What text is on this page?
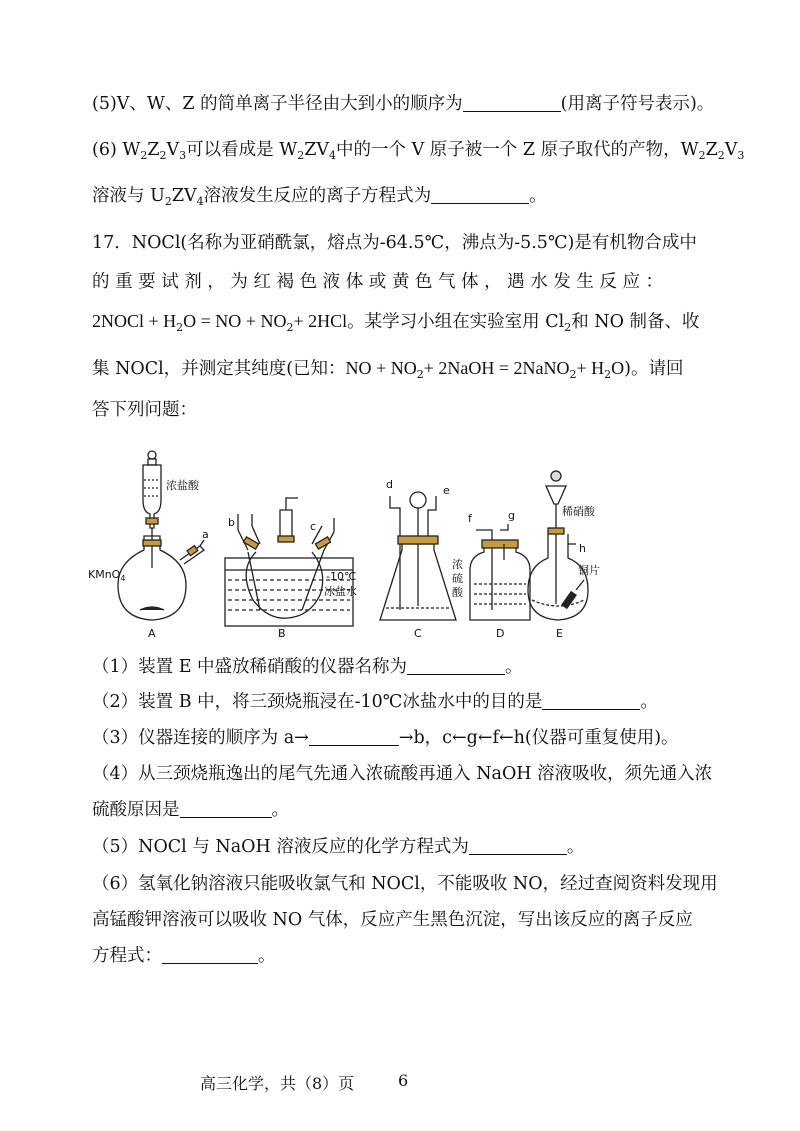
(5)V、W、Z 的简单离子半径由大到小的顺序为	(用离子符号表示)。
(6) $W_2Z_2V_3$可以看成是 $W_2ZV_4$中的一个 V 原子被一个 Z 原子取代的产物，$W_2Z_2V_3$
溶液与 $U_2ZV_4$溶液发生反应的离子方程式为	。
17．NOCl(名称为亚硝酰氯，熔点为-64.5℃，沸点为-5.5℃)是有机物合成中
的 重 要 试 剂 ， 为 红 褐 色 液 体 或 黄 色 气 体 ， 遇 水 发 生 反 应 ：
2NOCl + $H_2O$ = NO + $NO_2+ 2HCl$。某学习小组在实验室用 $Cl_2$和 NO 制备、收
集 NOCl，并测定其纯度(已知：NO + $NO_2+$ 2NaOH = 2NaNO$_2$+ $H_2O$)。请回
答下列问题：
浓盐酸
a
KMnO$_4$
A
b	c
-10℃
冰盐水
B
d	e
C
f	g
浓
硫
酸
D
稀硝酸
h
铜片
E
（1）装置 E 中盛放稀硝酸的仪器名称为	。
（2）装置 B 中，将三颈烧瓶浸在-10℃冰盐水中的目的是	。
（3）仪器连接的顺序为 a→	→b，c←g←f←h(仪器可重复使用)。
（4）从三颈烧瓶逸出的尾气先通入浓硫酸再通入 NaOH 溶液吸收，须先通入浓
硫酸原因是	。
（5）NOCl 与 NaOH 溶液反应的化学方程式为	。
（6）氢氧化钠溶液只能吸收氯气和 NOCl，不能吸收 NO，经过查阅资料发现用
高锰酸钾溶液可以吸收 NO 气体，反应产生黑色沉淀，写出该反应的离子反应
方程式：	。
高三化学，共（8）页	6
